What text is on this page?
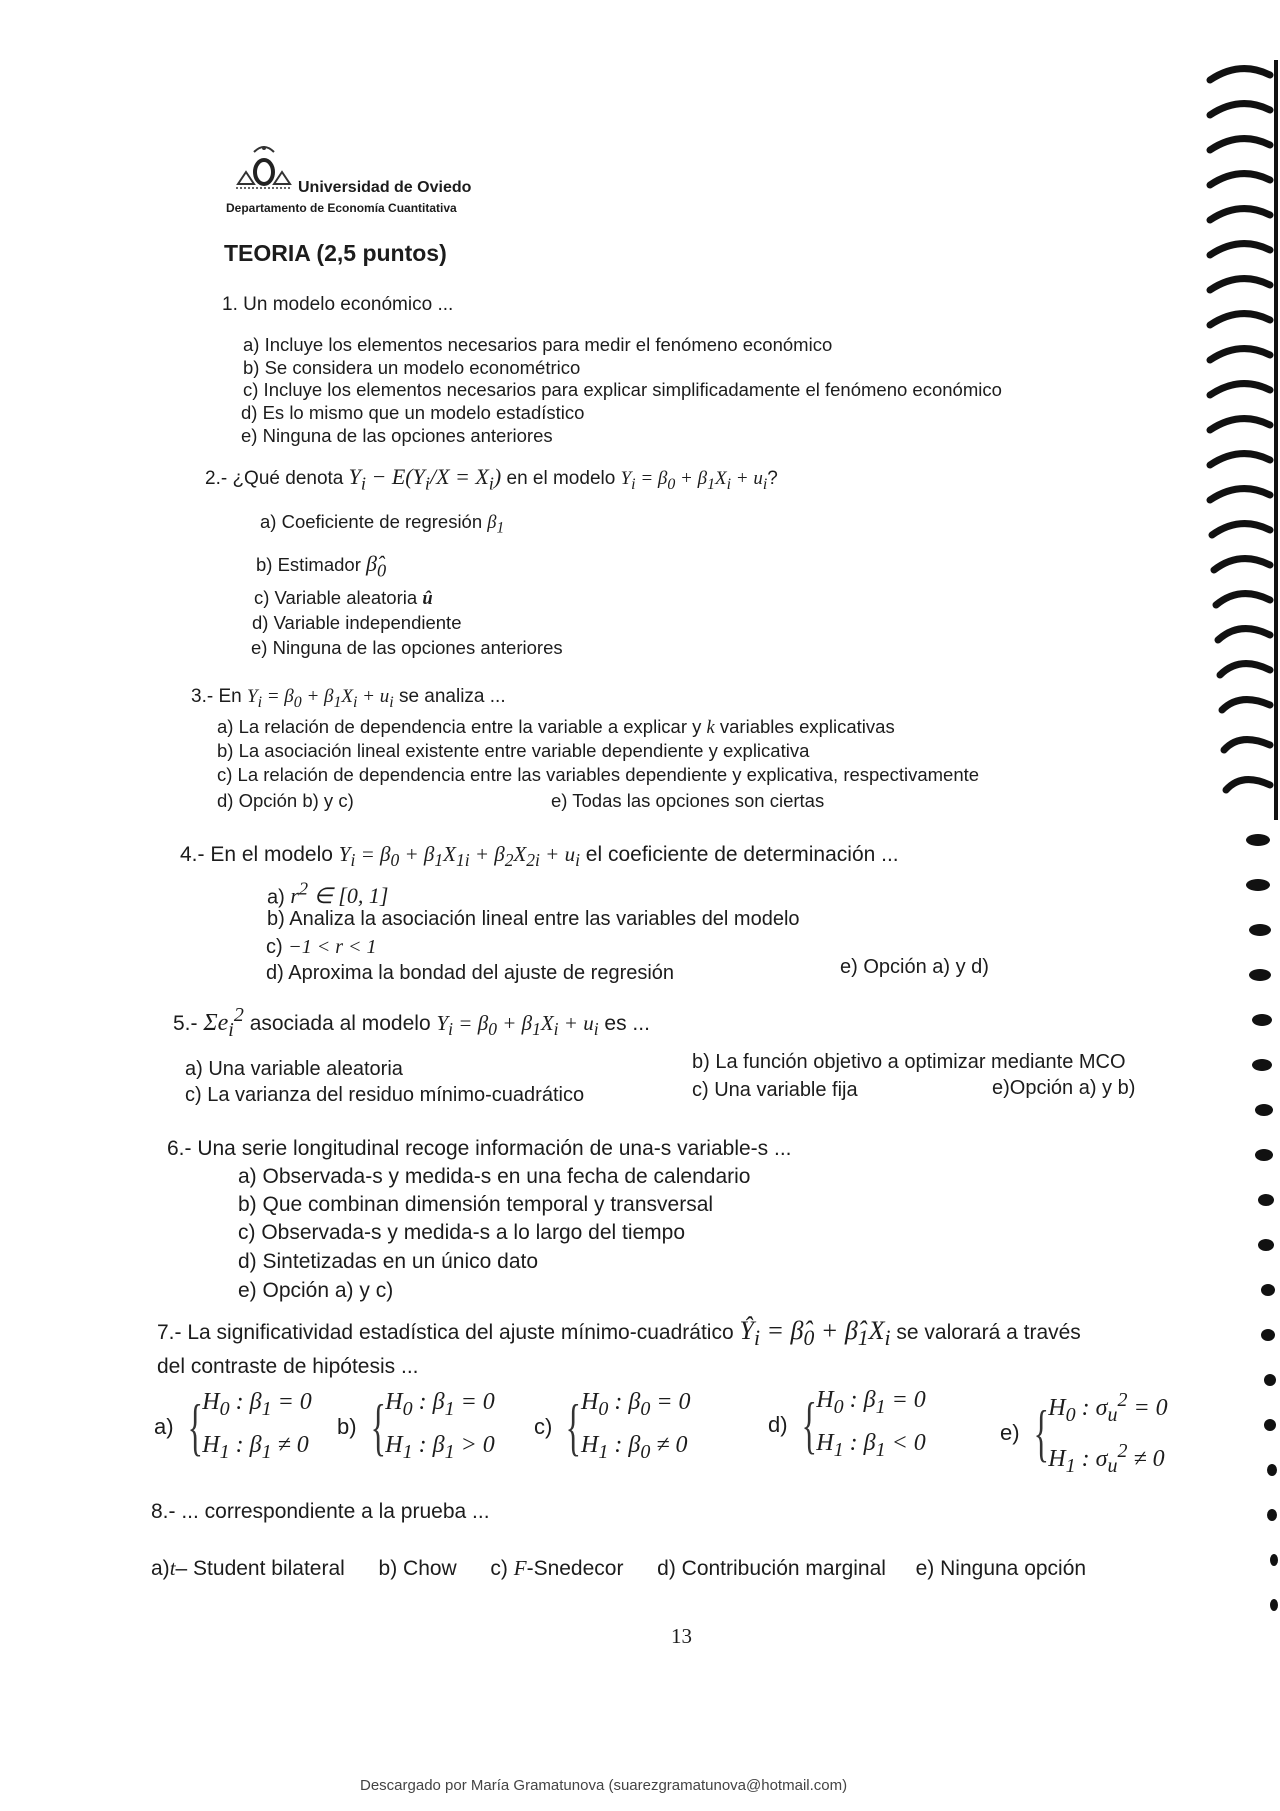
Universidad de Oviedo
Departamento de Economía Cuantitativa
TEORIA (2,5 puntos)
1. Un modelo económico ...
a) Incluye los elementos necesarios para medir el fenómeno económico
b) Se considera un modelo econométrico
c) Incluye los elementos necesarios para explicar simplificadamente el fenómeno económico
d) Es lo mismo que un modelo estadístico
e) Ninguna de las opciones anteriores
2.- ¿Qué denota $Y_i - E(Y_i/X = X_i)$ en el modelo $Y_i = \beta_0 + \beta_1X_i + u_i$?
a) Coeficiente de regresión $\beta_1$
b) Estimador $\betâ_0$
c) Variable aleatoria û
d) Variable independiente
e) Ninguna de las opciones anteriores
3.- En $Y_i = \beta_0 + \beta_1X_i + u_i$ se analiza ...
a) La relación de dependencia entre la variable a explicar y k variables explicativas
b) La asociación lineal existente entre variable dependiente y explicativa
c) La relación de dependencia entre las variables dependiente y explicativa, respectivamente
d) Opción b) y c)	e) Todas las opciones son ciertas
4.- En el modelo $Y_i = \beta_0 + \beta_1X_{1i} + \beta_2X_{2i} + u_i$ el coeficiente de determinación ...
a) $r^2$ ∈ [0, 1]
b) Analiza la asociación lineal entre las variables del modelo
c) −1 < r < 1
d) Aproxima la bondad del ajuste de regresión	e) Opción a) y d)
5.- $\Sigma e_i^2$ asociada al modelo $Y_i = \beta_0 + \beta_1X_i + u_i$ es ...
a) Una variable aleatoria	b) La función objetivo a optimizar mediante MCO
c) La varianza del residuo mínimo-cuadrático	c) Una variable fija	e)Opción a) y b)
6.- Una serie longitudinal recoge información de una-s variable-s ...
a) Observada-s y medida-s en una fecha de calendario
b) Que combinan dimensión temporal y transversal
c) Observada-s y medida-s a lo largo del tiempo
d) Sintetizadas en un único dato
e) Opción a) y c)
7.- La significatividad estadística del ajuste mínimo-cuadrático $Ŷ_i$ = $\betâ_0$ + $\betâ_1X_i$ se valorará a través
del contraste de hipótesis ...
a) { $H_0$ : $\beta_1 = 0$
$H_1$ : $\beta_1 \ne 0$
b) { $H_0$ : $\beta_1 = 0$
$H_1$ : $\beta_1 > 0$
c) { $H_0$ : $\beta_0 = 0$
$H_1$ : $\beta_0 \ne 0$
d) { $H_0$ : $\beta_1 = 0$
$H_1$ : $\beta_1 < 0$	e) { $H_0$ : $\sigma_u^2 = 0$
$H_1$ : $\sigma_u^2 \ne 0$
8.- ... correspondiente a la prueba ...
a)t– Student bilateral b) Chow c) F-Snedecor d) Contribución marginal e) Ninguna opción
13
Descargado por María Gramatunova (suarezgramatunova@hotmail.com)
